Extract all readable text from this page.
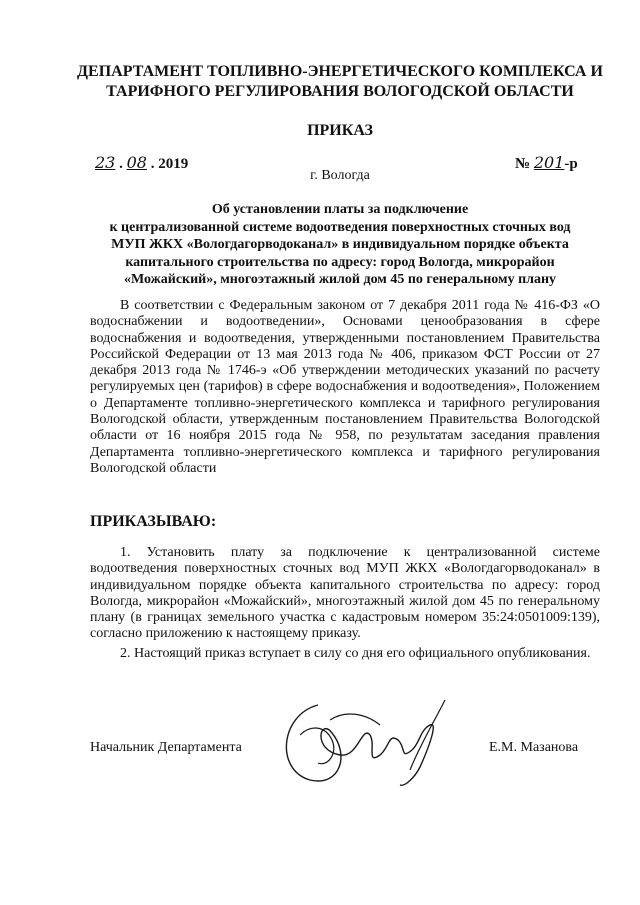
ДЕПАРТАМЕНТ ТОПЛИВНО-ЭНЕРГЕТИЧЕСКОГО КОМПЛЕКСА И
ТАРИФНОГО РЕГУЛИРОВАНИЯ ВОЛОГОДСКОЙ ОБЛАСТИ
ПРИКАЗ
23 . 08 . 2019	№ 201-р
г. Вологда
Об установлении платы за подключение
к централизованной системе водоотведения поверхностных сточных вод
МУП ЖКХ «Вологдагорводоканал» в индивидуальном порядке объекта
капитального строительства по адресу: город Вологда, микрорайон
«Можайский», многоэтажный жилой дом 45 по генеральному плану

В соответствии с Федеральным законом от 7 декабря 2011 года № 416-ФЗ «О водоснабжении и водоотведении», Основами ценообразования в сфере водоснабжения и водоотведения, утвержденными постановлением Правительства Российской Федерации от 13 мая 2013 года № 406, приказом ФСТ России от 27 декабря 2013 года № 1746-э «Об утверждении методических указаний по расчету регулируемых цен (тарифов) в сфере водоснабжения и водоотведения», Положением о Департаменте топливно-энергетического комплекса и тарифного регулирования Вологодской области, утвержденным постановлением Правительства Вологодской области от 16 ноября 2015 года № 958, по результатам заседания правления Департамента топливно-энергетического комплекса и тарифного регулирования Вологодской области

ПРИКАЗЫВАЮ:

1. Установить плату за подключение к централизованной системе водоотведения поверхностных сточных вод МУП ЖКХ «Вологдагорводоканал» в индивидуальном порядке объекта капитального строительства по адресу: город Вологда, микрорайон «Можайский», многоэтажный жилой дом 45 по генеральному плану (в границах земельного участка с кадастровым номером 35:24:0501009:139), согласно приложению к настоящему приказу.

2. Настоящий приказ вступает в силу со дня его официального опубликования.

Начальник Департамента	Е.М. Мазанова
